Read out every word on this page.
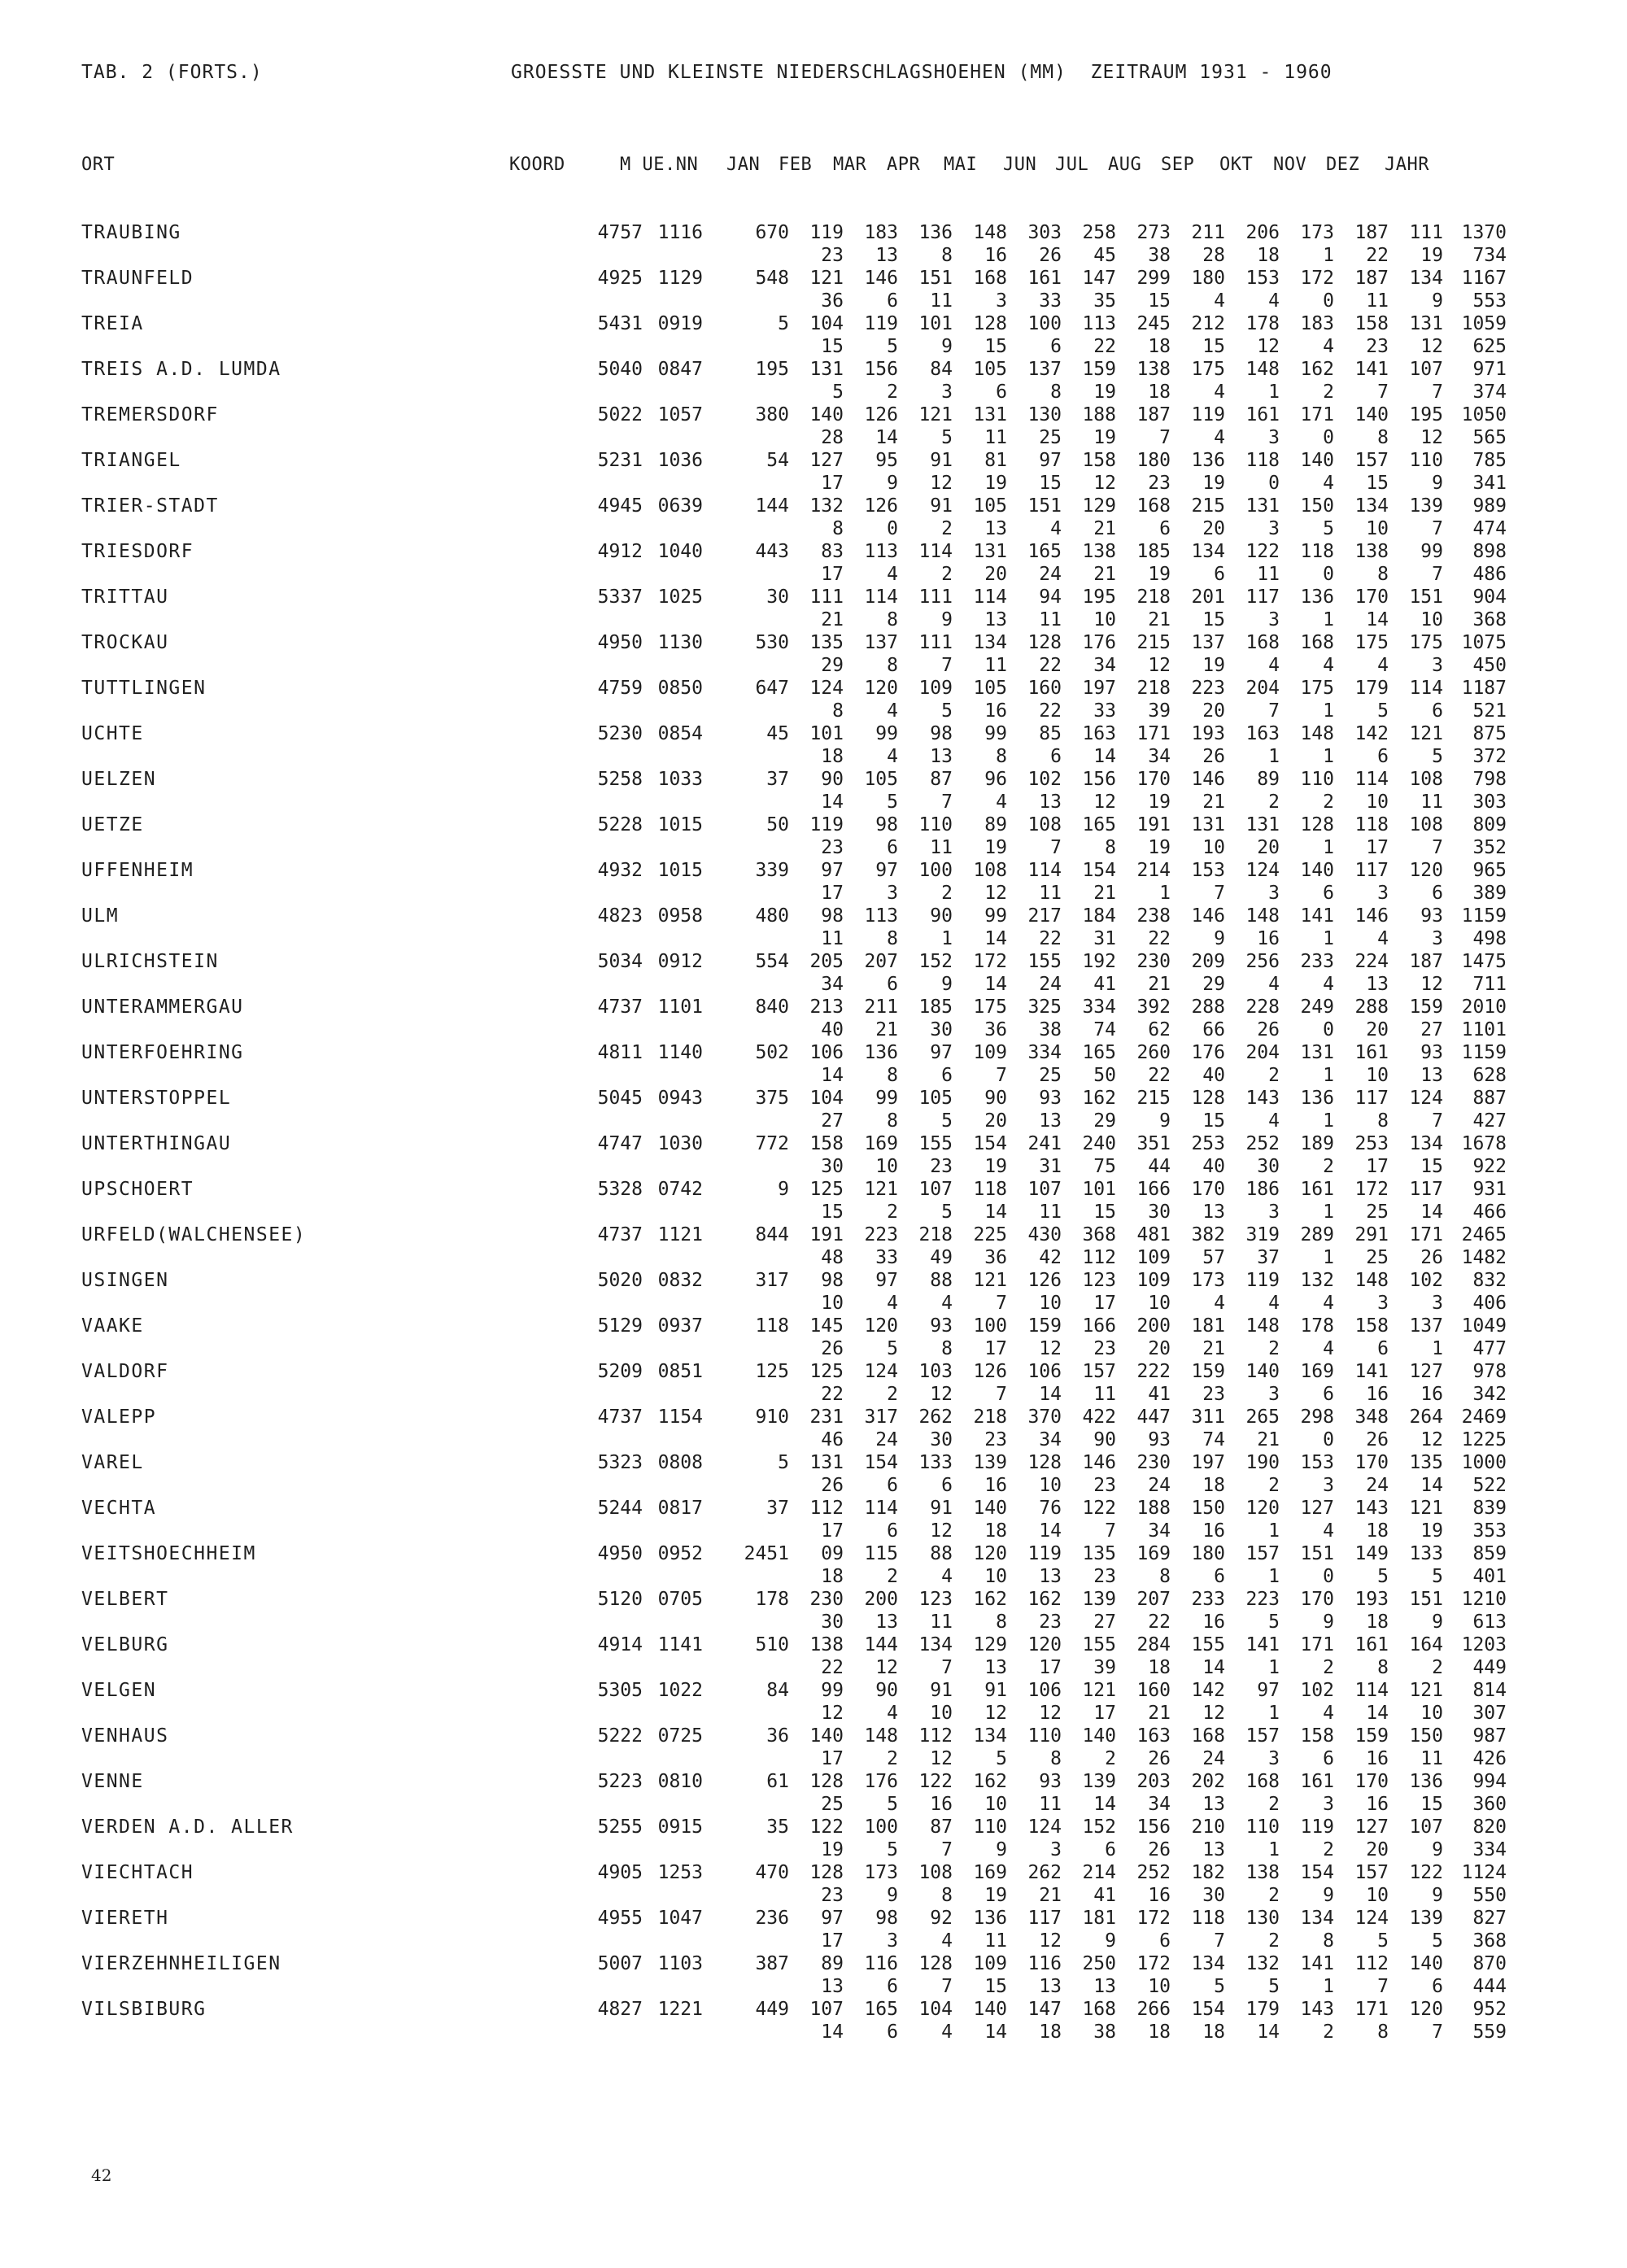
TAB. 2 (FORTS.)	GROESSTE UND KLEINSTE NIEDERSCHLAGSHOEHEN (MM)  ZEITRAUM 1931 - 1960
ORT	KOORD	M UE.NN JAN FEB MAR APR MAI JUN JUL AUG SEP OKT NOV DEZ JAHR
TRAUBING	4757	1116	670	119	183	136	148	303	258	273	211	206	173	187	111	1370
				23	13	8	16	26	45	38	28	18	1	22	19	734
TRAUNFELD	4925	1129	548	121	146	151	168	161	147	299	180	153	172	187	134	1167
				36	6	11	3	33	35	15	4	4	0	11	9	553
TREIA	5431	0919	5	104	119	101	128	100	113	245	212	178	183	158	131	1059
				15	5	9	15	6	22	18	15	12	4	23	12	625
TREIS A.D. LUMDA	5040	0847	195	131	156	84	105	137	159	138	175	148	162	141	107	971
				5	2	3	6	8	19	18	4	1	2	7	7	374
TREMERSDORF	5022	1057	380	140	126	121	131	130	188	187	119	161	171	140	195	1050
				28	14	5	11	25	19	7	4	3	0	8	12	565
TRIANGEL	5231	1036	54	127	95	91	81	97	158	180	136	118	140	157	110	785
				17	9	12	19	15	12	23	19	0	4	15	9	341
TRIER-STADT	4945	0639	144	132	126	91	105	151	129	168	215	131	150	134	139	989
				8	0	2	13	4	21	6	20	3	5	10	7	474
TRIESDORF	4912	1040	443	83	113	114	131	165	138	185	134	122	118	138	99	898
				17	4	2	20	24	21	19	6	11	0	8	7	486
TRITTAU	5337	1025	30	111	114	111	114	94	195	218	201	117	136	170	151	904
				21	8	9	13	11	10	21	15	3	1	14	10	368
TROCKAU	4950	1130	530	135	137	111	134	128	176	215	137	168	168	175	175	1075
				29	8	7	11	22	34	12	19	4	4	4	3	450
TUTTLINGEN	4759	0850	647	124	120	109	105	160	197	218	223	204	175	179	114	1187
				8	4	5	16	22	33	39	20	7	1	5	6	521
UCHTE	5230	0854	45	101	99	98	99	85	163	171	193	163	148	142	121	875
				18	4	13	8	6	14	34	26	1	1	6	5	372
UELZEN	5258	1033	37	90	105	87	96	102	156	170	146	89	110	114	108	798
				14	5	7	4	13	12	19	21	2	2	10	11	303
UETZE	5228	1015	50	119	98	110	89	108	165	191	131	131	128	118	108	809
				23	6	11	19	7	8	19	10	20	1	17	7	352
UFFENHEIM	4932	1015	339	97	97	100	108	114	154	214	153	124	140	117	120	965
				17	3	2	12	11	21	1	7	3	6	3	6	389
ULM	4823	0958	480	98	113	90	99	217	184	238	146	148	141	146	93	1159
				11	8	1	14	22	31	22	9	16	1	4	3	498
ULRICHSTEIN	5034	0912	554	205	207	152	172	155	192	230	209	256	233	224	187	1475
				34	6	9	14	24	41	21	29	4	4	13	12	711
UNTERAMMERGAU	4737	1101	840	213	211	185	175	325	334	392	288	228	249	288	159	2010
				40	21	30	36	38	74	62	66	26	0	20	27	1101
UNTERFOEHRING	4811	1140	502	106	136	97	109	334	165	260	176	204	131	161	93	1159
				14	8	6	7	25	50	22	40	2	1	10	13	628
UNTERSTOPPEL	5045	0943	375	104	99	105	90	93	162	215	128	143	136	117	124	887
				27	8	5	20	13	29	9	15	4	1	8	7	427
UNTERTHINGAU	4747	1030	772	158	169	155	154	241	240	351	253	252	189	253	134	1678
				30	10	23	19	31	75	44	40	30	2	17	15	922
UPSCHOERT	5328	0742	9	125	121	107	118	107	101	166	170	186	161	172	117	931
				15	2	5	14	11	15	30	13	3	1	25	14	466
URFELD(WALCHENSEE)	4737	1121	844	191	223	218	225	430	368	481	382	319	289	291	171	2465
				48	33	49	36	42	112	109	57	37	1	25	26	1482
USINGEN	5020	0832	317	98	97	88	121	126	123	109	173	119	132	148	102	832
				10	4	4	7	10	17	10	4	4	4	3	3	406
VAAKE	5129	0937	118	145	120	93	100	159	166	200	181	148	178	158	137	1049
				26	5	8	17	12	23	20	21	2	4	6	1	477
VALDORF	5209	0851	125	125	124	103	126	106	157	222	159	140	169	141	127	978
				22	2	12	7	14	11	41	23	3	6	16	16	342
VALEPP	4737	1154	910	231	317	262	218	370	422	447	311	265	298	348	264	2469
				46	24	30	23	34	90	93	74	21	0	26	12	1225
VAREL	5323	0808	5	131	154	133	139	128	146	230	197	190	153	170	135	1000
				26	6	6	16	10	23	24	18	2	3	24	14	522
VECHTA	5244	0817	37	112	114	91	140	76	122	188	150	120	127	143	121	839
				17	6	12	18	14	7	34	16	1	4	18	19	353
VEITSHOECHHEIM	4950	0952	2451	09	115	88	120	119	135	169	180	157	151	149	133	859
				18	2	4	10	13	23	8	6	1	0	5	5	401
VELBERT	5120	0705	178	230	200	123	162	162	139	207	233	223	170	193	151	1210
				30	13	11	8	23	27	22	16	5	9	18	9	613
VELBURG	4914	1141	510	138	144	134	129	120	155	284	155	141	171	161	164	1203
				22	12	7	13	17	39	18	14	1	2	8	2	449
VELGEN	5305	1022	84	99	90	91	91	106	121	160	142	97	102	114	121	814
				12	4	10	12	12	17	21	12	1	4	14	10	307
VENHAUS	5222	0725	36	140	148	112	134	110	140	163	168	157	158	159	150	987
				17	2	12	5	8	2	26	24	3	6	16	11	426
VENNE	5223	0810	61	128	176	122	162	93	139	203	202	168	161	170	136	994
				25	5	16	10	11	14	34	13	2	3	16	15	360
VERDEN A.D. ALLER	5255	0915	35	122	100	87	110	124	152	156	210	110	119	127	107	820
				19	5	7	9	3	6	26	13	1	2	20	9	334
VIECHTACH	4905	1253	470	128	173	108	169	262	214	252	182	138	154	157	122	1124
				23	9	8	19	21	41	16	30	2	9	10	9	550
VIERETH	4955	1047	236	97	98	92	136	117	181	172	118	130	134	124	139	827
				17	3	4	11	12	9	6	7	2	8	5	5	368
VIERZEHNHEILIGEN	5007	1103	387	89	116	128	109	116	250	172	134	132	141	112	140	870
				13	6	7	15	13	13	10	5	5	1	7	6	444
VILSBIBURG	4827	1221	449	107	165	104	140	147	168	266	154	179	143	171	120	952
				14	6	4	14	18	38	18	18	14	2	8	7	559
42
